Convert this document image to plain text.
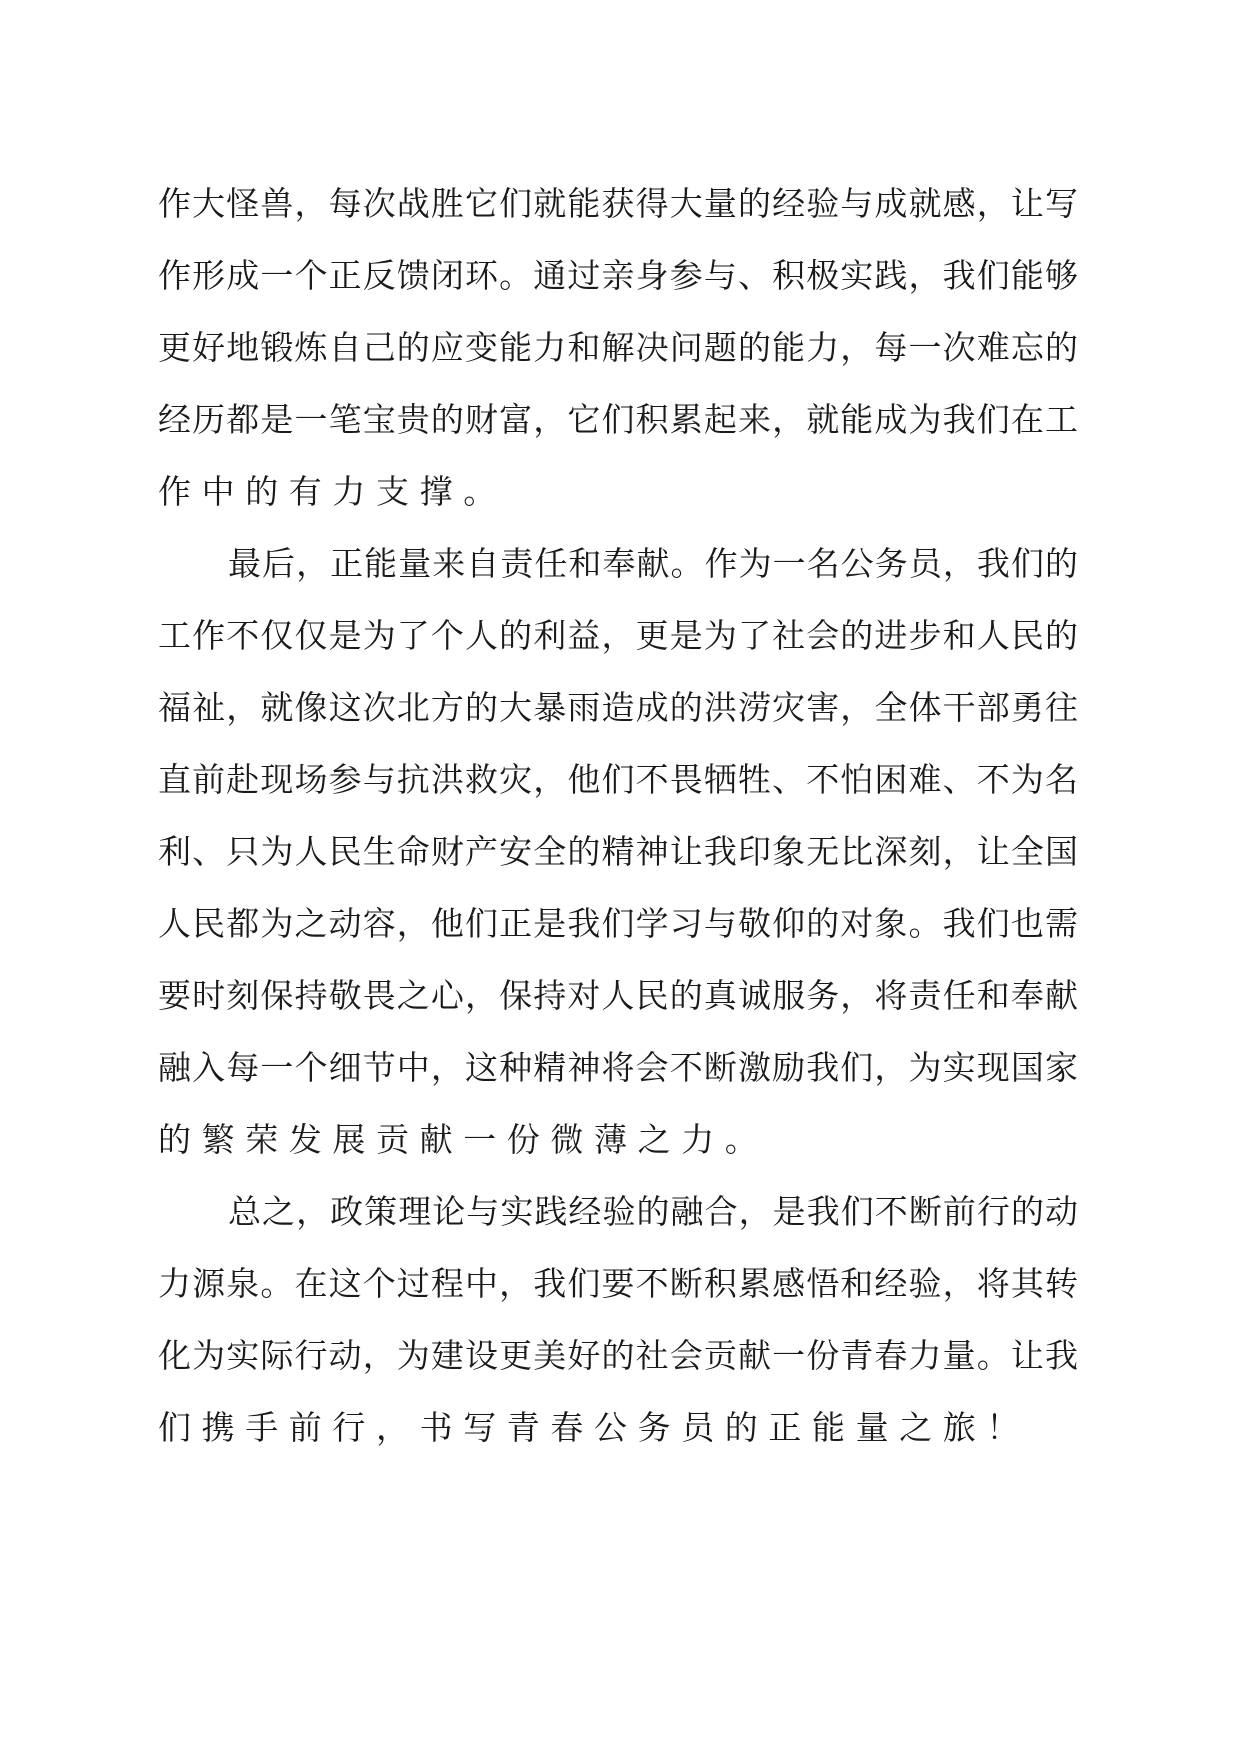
作大怪兽，每次战胜它们就能获得大量的经验与成就感，让写
作形成一个正反馈闭环。通过亲身参与、积极实践，我们能够
更好地锻炼自己的应变能力和解决问题的能力，每一次难忘的
经历都是一笔宝贵的财富，它们积累起来，就能成为我们在工
作中的有力支撑。
最后，正能量来自责任和奉献。作为一名公务员，我们的
工作不仅仅是为了个人的利益，更是为了社会的进步和人民的
福祉，就像这次北方的大暴雨造成的洪涝灾害，全体干部勇往
直前赴现场参与抗洪救灾，他们不畏牺牲、不怕困难、不为名
利、只为人民生命财产安全的精神让我印象无比深刻，让全国
人民都为之动容，他们正是我们学习与敬仰的对象。我们也需
要时刻保持敬畏之心，保持对人民的真诚服务，将责任和奉献
融入每一个细节中，这种精神将会不断激励我们，为实现国家
的繁荣发展贡献一份微薄之力。
总之，政策理论与实践经验的融合，是我们不断前行的动
力源泉。在这个过程中，我们要不断积累感悟和经验，将其转
化为实际行动，为建设更美好的社会贡献一份青春力量。让我
们携手前行，书写青春公务员的正能量之旅！
